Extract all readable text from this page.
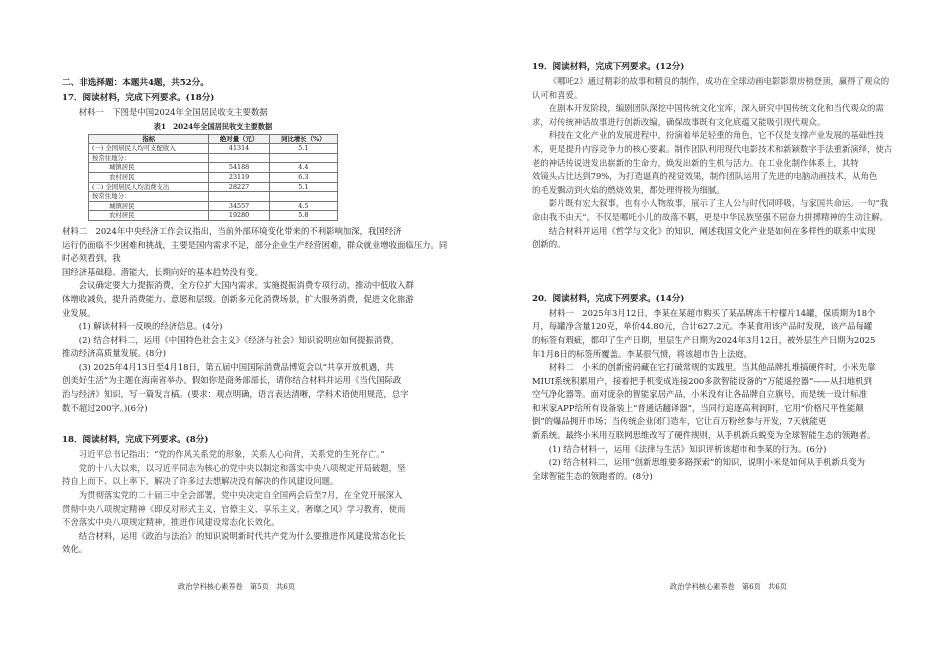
二、非选择题：本题共4题，共52分。
17．阅读材料，完成下列要求。(18分)

材料一　下图是中国2024年全国居民收支主要数据

表1　2024年全国居民收支主要数据
指标	绝对量（元）	同比增长（%）
(一) 全国居民人均可支配收入	41314	5.1
按常住地分：		
城镇居民	54188	4.4
农村居民	23119	6.3
(二) 全国居民人均消费支出	28227	5.1
按常住地分：		
城镇居民	34557	4.5
农村居民	19280	5.8

材料二　2024年中央经济工作会议指出，当前外部环境变化带来的不利影响加深，我国经济

运行仍面临不少困难和挑战，主要是国内需求不足，部分企业生产经营困难，群众就业增收面临压力。同时必须看到，我

国经济基础稳、潜能大，长期向好的基本趋势没有变。

会议确定要大力提振消费，全方位扩大国内需求。实施提振消费专项行动，推动中低收入群

体增收减负，提升消费能力、意愿和层级。创新多元化消费场景，扩大服务消费，促进文化旅游

业发展。

(1) 解读材料一反映的经济信息。(4分)

(2) 结合材料二，运用《中国特色社会主义》《经济与社会》知识说明应如何提振消费，

推动经济高质量发展。(8分)

(3) 2025年4月13日至4月18日，第五届中国国际消费品博览会以“共享开放机遇，共

创美好生活”为主题在海南省举办。假如你是商务部部长，请你结合材料并运用《当代国际政

治与经济》知识，写一篇发言稿。(要求：观点明确，语言表达清晰，学科术语使用规范，总字

数不超过200字。)(6分)

18．阅读材料，完成下列要求。(8分)

习近平总书记指出：“党的作风关系党的形象，关系人心向背，关系党的生死存亡。”

党的十八大以来，以习近平同志为核心的党中央以制定和落实中央八项规定开局破题，坚

持自上而下、以上率下，解决了许多过去想解决没有解决的作风建设问题。

为贯彻落实党的二十届三中全会部署，党中央决定自全国两会后至7月，在全党开展深入

贯彻中央八项规定精神《即反对形式主义、官僚主义、享乐主义、奢靡之风》学习教育，使而

不舍落实中央八项规定精神，推进作风建设常态化长效化。

结合材料，运用《政治与法治》的知识说明新时代共产党为什么要推进作风建设常态化长

效化。

政治学科核心素养卷　第5页　共6页
19．阅读材料，完成下列要求。(12分)

《哪吒2》通过精彩的故事和精良的制作，成功在全球动画电影影票房榜登顶，赢得了观众的

认可和喜爱。

在剧本开发阶段，编剧团队深挖中国传统文化宝库，深入研究中国传统文化和当代观众的需

求，对传统神话故事进行创新改编，确保故事既有文化底蕴又能吸引现代观众。

科技在文化产业的发展进程中，扮演着举足轻重的角色，它不仅是支撑产业发展的基础性技

术，更是提升内容竞争力的核心要素。制作团队利用现代电影技术和新颖数字手法重新演绎，使古

老的神话传说迸发出崭新的生命力，焕发出新的生机与活力。在工业化制作体系上，其特

效镜头占比达到79%，为打造逼真的视觉效果，制作团队运用了先进的电脑动画技术，从角色

的毛发飘动到火焰的燃烧效果，都处理得极为细腻。

影片既有宏大叙事，也有小人物故事，展示了主人公与时代同呼吸、与家国共命运。一句“我

命由我不由天”，不仅是哪吒小儿的故落不羁，更是中华民族坚强不屈奋力拼搏精神的生动注解。

结合材料并运用《哲学与文化》的知识，阐述我国文化产业是如何在多样性的联系中实现

创新的。

20．阅读材料，完成下列要求。(14分)

材料一　2025年3月12日，李某在某超市购买了某品牌冻干柠檬片14罐，保质期为18个

月，每罐净含量120克，单价44.80元，合计627.2元。李某食用该产品时发现，该产品每罐

的标签有瑕疵，都印了生产日期，里层生产日期为2024年3月12日，被外层生产日期为2025

年1月8日的标签所覆盖。李某很气愤，将该超市告上法庭。

材料二　小米的创新密码藏在它打破常规的实践里。当其他品牌扎堆搞硬件时，小米先靠

MIUI系统积累用户，接着把手机变成连接200多款智能设备的“万能遥控器”——从扫地机到

空气净化器等。面对庞杂的智能家居产品，小米没有让各品牌自立旗号，而是统一设计标准

和米家APP给所有设备装上“普通话翻译器”，当同行追逐高利润时，它用“价格尺平性能颠

倒”的爆品拥开市场；当传统企业闭门造车，它让百万粉丝参与开发，7天就能更

新系统。最终小米用互联网思维改写了硬件规则，从手机新兵蜕变为全球智能生态的领跑者。

(1) 结合材料一，运用《法律与生活》知识评析该超市和李某的行为。(6分)

(2) 结合材料二，运用“创新思维要多路探索”的知识，说明小米是如何从手机新兵变为

全球智能生态的领跑者的。(8分)

政治学科核心素养卷　第6页　共6页
